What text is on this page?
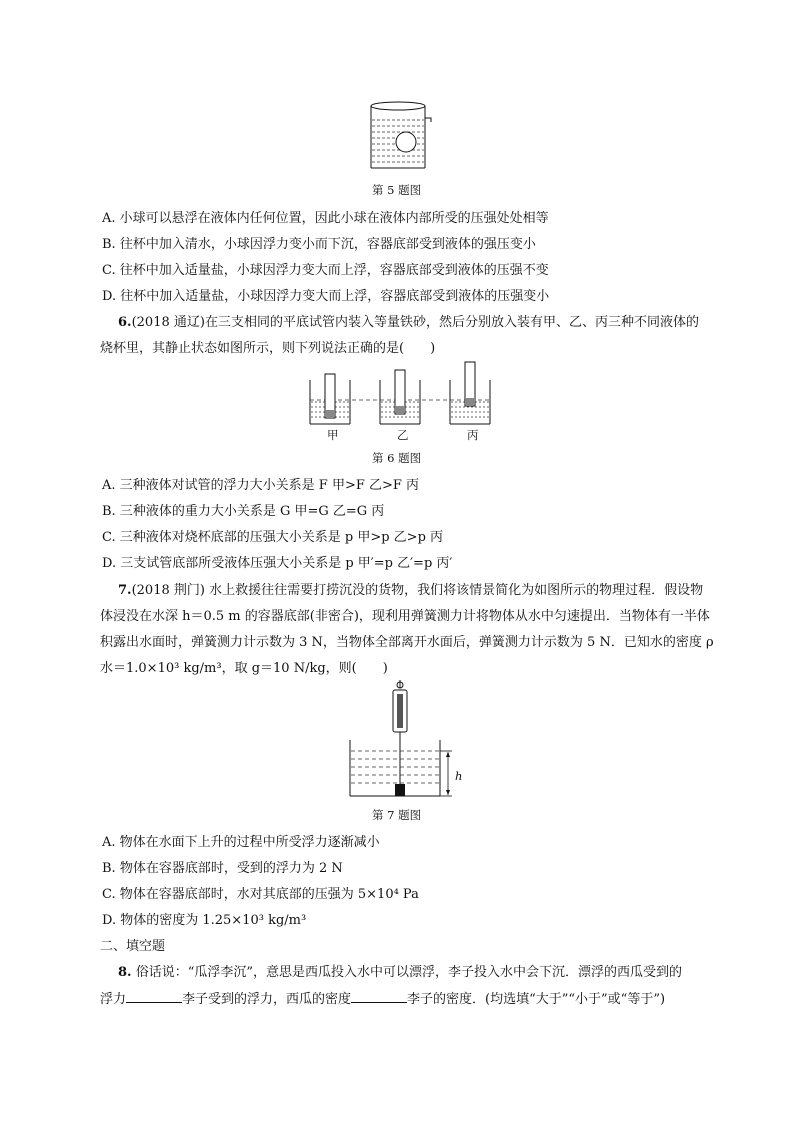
第 5 题图
A. 小球可以悬浮在液体内任何位置，因此小球在液体内部所受的压强处处相等
B. 往杯中加入清水，小球因浮力变小而下沉，容器底部受到液体的强压变小
C. 往杯中加入适量盐，小球因浮力变大而上浮，容器底部受到液体的压强不变
D. 往杯中加入适量盐，小球因浮力变大而上浮，容器底部受到液体的压强变小
6.(2018 通辽)在三支相同的平底试管内装入等量铁砂，然后分别放入装有甲、乙、丙三种不同液体的
烧杯里，其静止状态如图所示，则下列说法正确的是(　　)
甲	乙	丙
第 6 题图
A. 三种液体对试管的浮力大小关系是 F 甲>F 乙>F 丙
B. 三种液体的重力大小关系是 G 甲=G 乙=G 丙
C. 三种液体对烧杯底部的压强大小关系是 p 甲>p 乙>p 丙
D. 三支试管底部所受液体压强大小关系是 p 甲′=p 乙′=p 丙′
7.(2018 荆门) 水上救援往往需要打捞沉没的货物，我们将该情景简化为如图所示的物理过程．假设物
体浸没在水深 h＝0.5 m 的容器底部(非密合)，现利用弹簧测力计将物体从水中匀速提出．当物体有一半体
积露出水面时，弹簧测力计示数为 3 N，当物体全部离开水面后，弹簧测力计示数为 5 N．已知水的密度 ρ
水＝1.0×10³ kg/m³，取 g＝10 N/kg，则(　　)
h
第 7 题图
A. 物体在水面下上升的过程中所受浮力逐渐减小
B. 物体在容器底部时，受到的浮力为 2 N
C. 物体在容器底部时，水对其底部的压强为 5×10⁴ Pa
D. 物体的密度为 1.25×10³ kg/m³
二、填空题
8. 俗话说：“瓜浮李沉”，意思是西瓜投入水中可以漂浮，李子投入水中会下沉．漂浮的西瓜受到的
浮力	李子受到的浮力，西瓜的密度	李子的密度．(均选填“大于”“小于”或“等于”)
